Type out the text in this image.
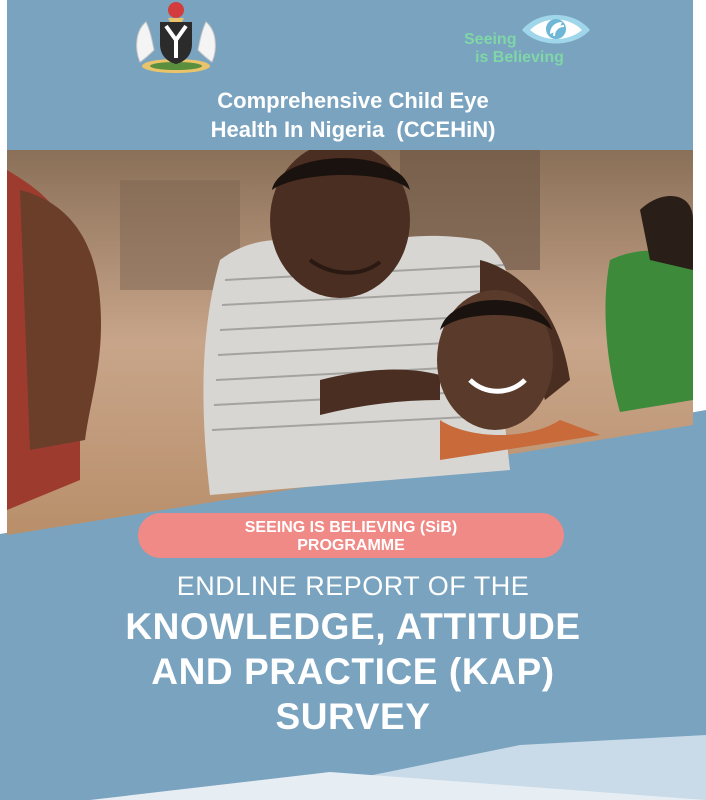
Seeing
is Believing
Comprehensive Child Eye
Health In Nigeria  (CCEHiN)
SEEING IS BELIEVING (SiB)
PROGRAMME
ENDLINE REPORT OF THE
KNOWLEDGE, ATTITUDE
AND PRACTICE (KAP)
SURVEY
